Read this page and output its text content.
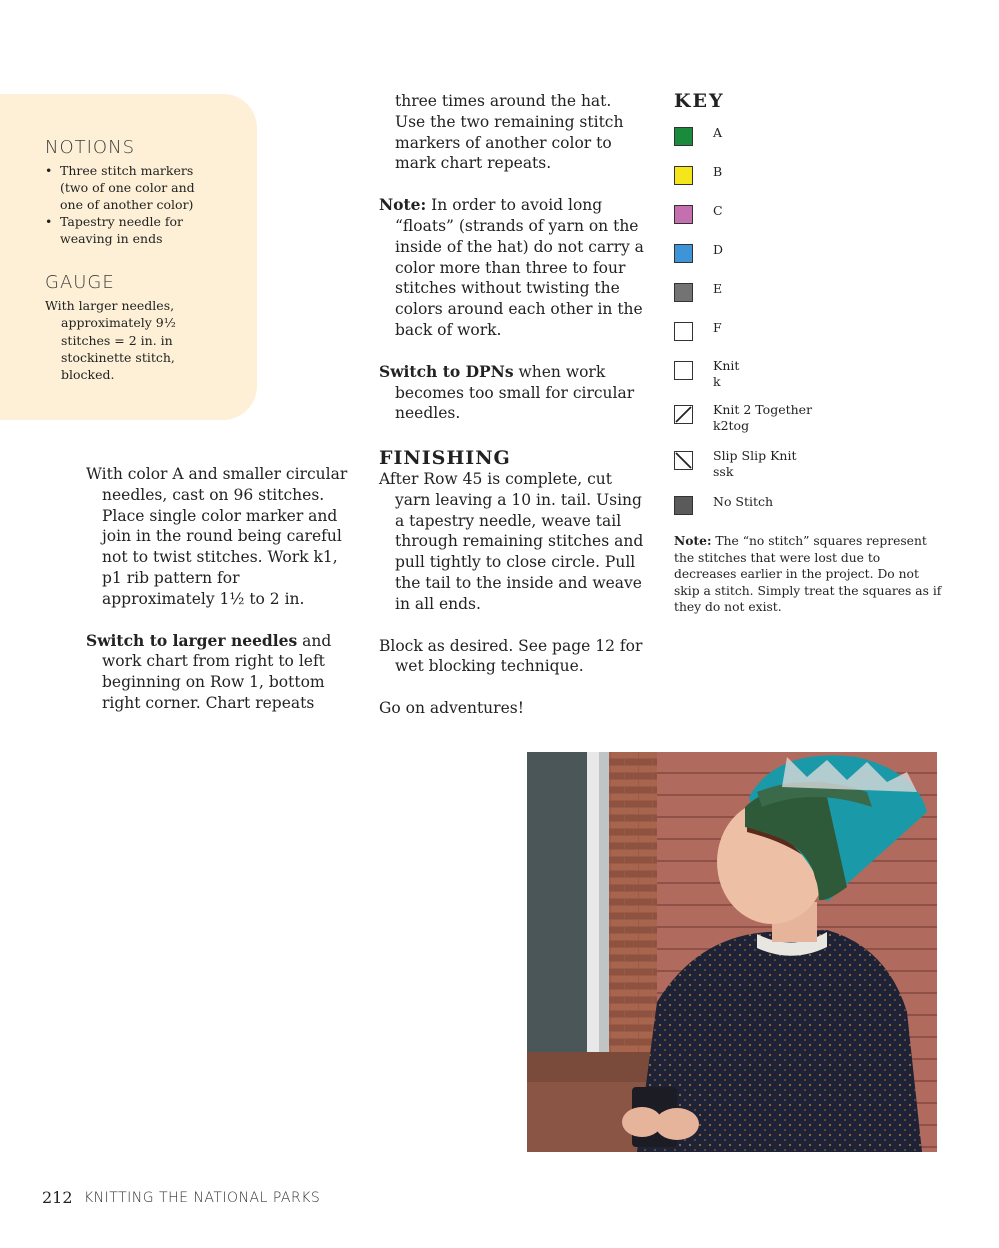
NOTIONS
• Three stitch markers (two of one color and one of another color)
• Tapestry needle for weaving in ends
GAUGE
With larger needles, approximately 9½ stitches = 2 in. in stockinette stitch, blocked.

With color A and smaller circular needles, cast on 96 stitches. Place single color marker and join in the round being careful not to twist stitches. Work k1, p1 rib pattern for approximately 1½ to 2 in.

Switch to larger needles and work chart from right to left beginning on Row 1, bottom right corner. Chart repeats

three times around the hat. Use the two remaining stitch markers of another color to mark chart repeats.

Note: In order to avoid long “floats” (strands of yarn on the inside of the hat) do not carry a color more than three to four stitches without twisting the colors around each other in the back of work.

Switch to DPNs when work becomes too small for circular needles.

FINISHING

After Row 45 is complete, cut yarn leaving a 10 in. tail. Using a tapestry needle, weave tail through remaining stitches and pull tightly to close circle. Pull the tail to the inside and weave in all ends.

Block as desired. See page 12 for wet blocking technique.

Go on adventures!

KEY
A
B
C
D
E
F
Knit
k
Knit 2 Together
k2tog
Slip Slip Knit
ssk
No Stitch
Note: The “no stitch” squares represent the stitches that were lost due to decreases earlier in the project. Do not skip a stitch. Simply treat the squares as if they do not exist.
212 KNITTING THE NATIONAL PARKS
